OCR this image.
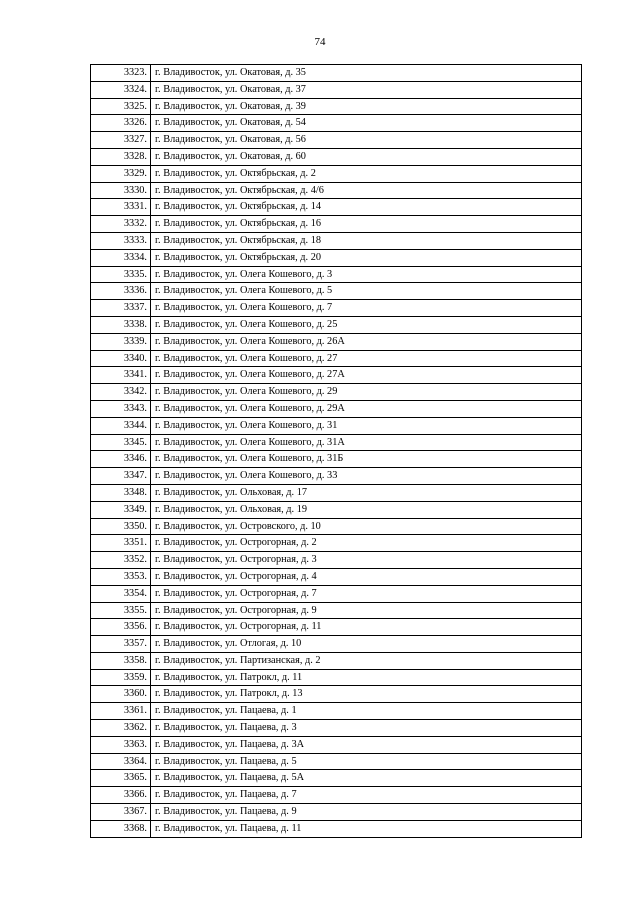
74
3323.	г. Владивосток, ул. Окатовая, д. 35
3324.	г. Владивосток, ул. Окатовая, д. 37
3325.	г. Владивосток, ул. Окатовая, д. 39
3326.	г. Владивосток, ул. Окатовая, д. 54
3327.	г. Владивосток, ул. Окатовая, д. 56
3328.	г. Владивосток, ул. Окатовая, д. 60
3329.	г. Владивосток, ул. Октябрьская, д. 2
3330.	г. Владивосток, ул. Октябрьская, д. 4/6
3331.	г. Владивосток, ул. Октябрьская, д. 14
3332.	г. Владивосток, ул. Октябрьская, д. 16
3333.	г. Владивосток, ул. Октябрьская, д. 18
3334.	г. Владивосток, ул. Октябрьская, д. 20
3335.	г. Владивосток, ул. Олега Кошевого, д. 3
3336.	г. Владивосток, ул. Олега Кошевого, д. 5
3337.	г. Владивосток, ул. Олега Кошевого, д. 7
3338.	г. Владивосток, ул. Олега Кошевого, д. 25
3339.	г. Владивосток, ул. Олега Кошевого, д. 26А
3340.	г. Владивосток, ул. Олега Кошевого, д. 27
3341.	г. Владивосток, ул. Олега Кошевого, д. 27А
3342.	г. Владивосток, ул. Олега Кошевого, д. 29
3343.	г. Владивосток, ул. Олега Кошевого, д. 29А
3344.	г. Владивосток, ул. Олега Кошевого, д. 31
3345.	г. Владивосток, ул. Олега Кошевого, д. 31А
3346.	г. Владивосток, ул. Олега Кошевого, д. 31Б
3347.	г. Владивосток, ул. Олега Кошевого, д. 33
3348.	г. Владивосток, ул. Ольховая, д. 17
3349.	г. Владивосток, ул. Ольховая, д. 19
3350.	г. Владивосток, ул. Островского, д. 10
3351.	г. Владивосток, ул. Острогорная, д. 2
3352.	г. Владивосток, ул. Острогорная, д. 3
3353.	г. Владивосток, ул. Острогорная, д. 4
3354.	г. Владивосток, ул. Острогорная, д. 7
3355.	г. Владивосток, ул. Острогорная, д. 9
3356.	г. Владивосток, ул. Острогорная, д. 11
3357.	г. Владивосток, ул. Отлогая, д. 10
3358.	г. Владивосток, ул. Партизанская, д. 2
3359.	г. Владивосток, ул. Патрокл, д. 11
3360.	г. Владивосток, ул. Патрокл, д. 13
3361.	г. Владивосток, ул. Пацаева, д. 1
3362.	г. Владивосток, ул. Пацаева, д. 3
3363.	г. Владивосток, ул. Пацаева, д. 3А
3364.	г. Владивосток, ул. Пацаева, д. 5
3365.	г. Владивосток, ул. Пацаева, д. 5А
3366.	г. Владивосток, ул. Пацаева, д. 7
3367.	г. Владивосток, ул. Пацаева, д. 9
3368.	г. Владивосток, ул. Пацаева, д. 11
